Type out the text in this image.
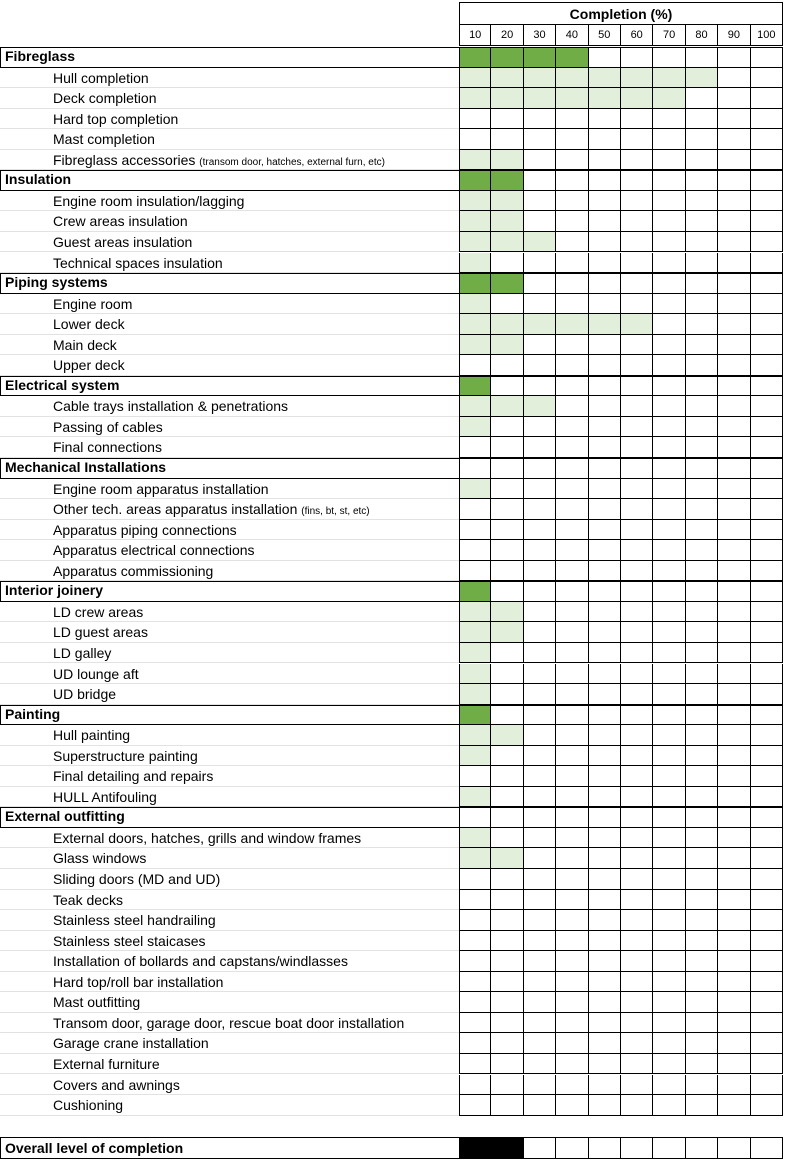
Completion (%)
10	20	30	40	50	60	70	80	90	100
Fibreglass
Hull completion
Deck completion
Hard top completion
Mast completion
Fibreglass accessories (transom door, hatches, external furn, etc)
Insulation
Engine room insulation/lagging
Crew areas insulation
Guest areas insulation
Technical spaces insulation
Piping systems
Engine room
Lower deck
Main deck
Upper deck
Electrical system
Cable trays installation & penetrations
Passing of cables
Final connections
Mechanical Installations
Engine room apparatus installation
Other tech. areas apparatus installation (fins, bt, st, etc)
Apparatus piping connections
Apparatus electrical connections
Apparatus commissioning
Interior joinery
LD crew areas
LD guest areas
LD galley
UD lounge aft
UD bridge
Painting
Hull painting
Superstructure painting
Final detailing and repairs
HULL Antifouling
External outfitting
External doors, hatches, grills and window frames
Glass windows
Sliding doors (MD and UD)
Teak decks
Stainless steel handrailing
Stainless steel staicases
Installation of bollards and capstans/windlasses
Hard top/roll bar installation
Mast outfitting
Transom door, garage door, rescue boat door installation
Garage crane installation
External furniture
Covers and awnings
Cushioning
Overall level of completion
